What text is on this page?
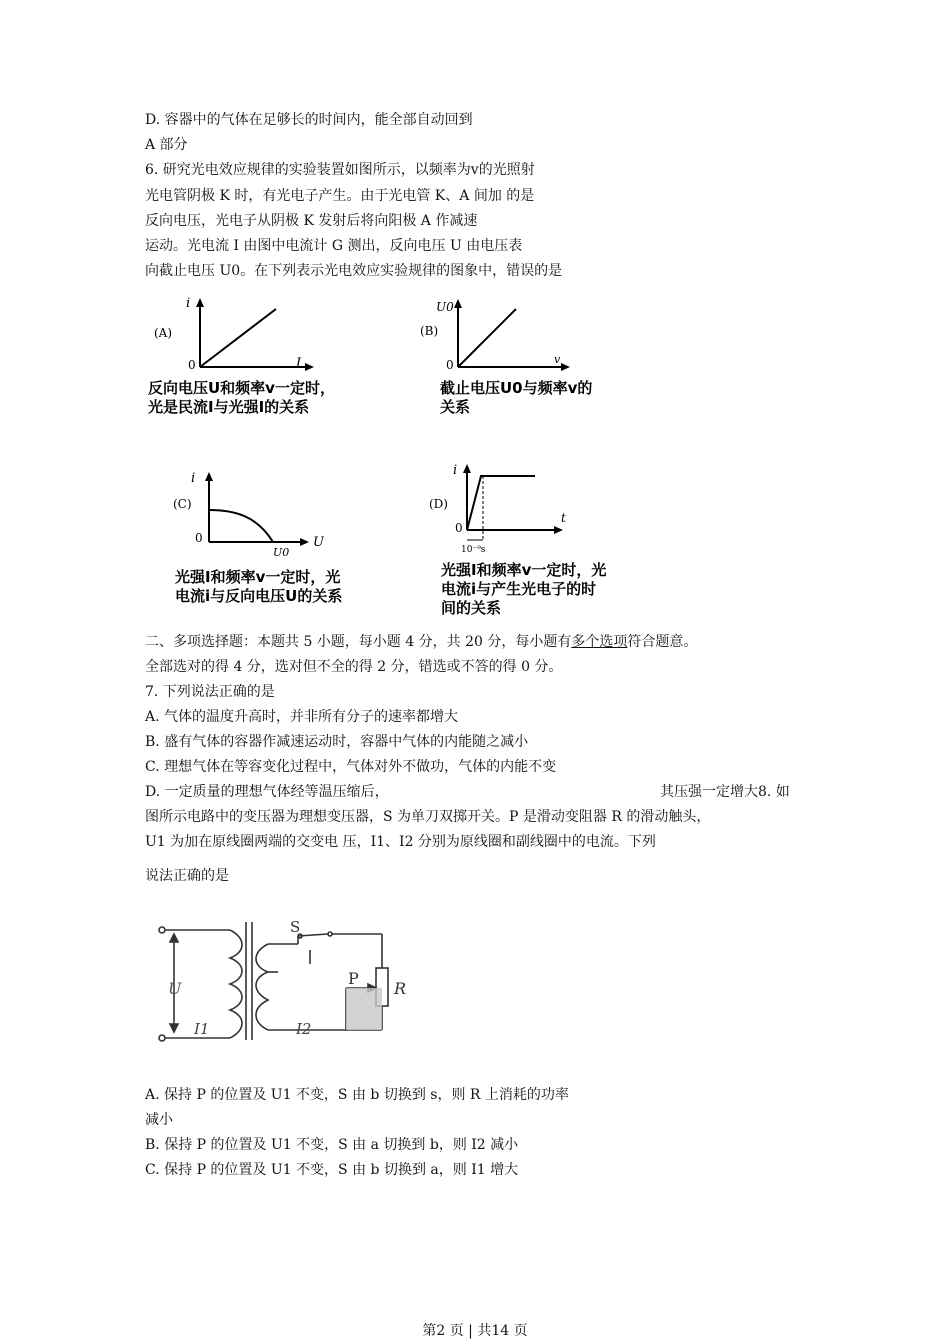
D. 容器中的气体在足够长的时间内，能全部自动回到
A 部分
6. 研究光电效应规律的实验装置如图所示，以频率为v的光照射
光电管阴极 K 时，有光电子产生。由于光电管 K、A 间加 的是
反向电压，光电子从阴极 K 发射后将向阳极 A 作减速
运动。光电流 I 由图中电流计 G 测出，反向电压 U 由电压表
向截止电压 U0。在下列表示光电效应实验规律的图象中，错误的是
(A)
i
I
0
反向电压U和频率v一定时，
光是民流I与光强I的关系
(B)
U0
v
0
截止电压U0与频率v的
关系
(C)
i
U
0
U0
光强I和频率v一定时，光
电流i与反向电压U的关系
(D)
i
t
0
10⁻⁹s
光强I和频率v一定时，光
电流i与产生光电子的时
间的关系
二、多项选择题：本题共 5 小题，每小题 4 分，共 20 分，每小题有多个选项符合题意。
全部选对的得 4 分，选对但不全的得 2 分，错选或不答的得 0 分。
7. 下列说法正确的是
A. 气体的温度升高时，并非所有分子的速率都增大
B. 盛有气体的容器作减速运动时，容器中气体的内能随之减小
C. 理想气体在等容变化过程中，气体对外不做功，气体的内能不变
D. 一定质量的理想气体经等温压缩后，	其压强一定增大8. 如
图所示电路中的变压器为理想变压器，S 为单刀双掷开关。P 是滑动变阻器 R 的滑动触头，
U1 为加在原线圈两端的交变电 压，I1、I2 分别为原线圈和副线圈中的电流。下列
说法正确的是
U
I1	I2
P
R
S
A. 保持 P 的位置及 U1 不变，S 由 b 切换到 s，则 R 上消耗的功率
减小
B. 保持 P 的位置及 U1 不变，S 由 a 切换到 b，则 I2 减小
C. 保持 P 的位置及 U1 不变，S 由 b 切换到 a，则 I1 增大
第2 页 | 共14 页
